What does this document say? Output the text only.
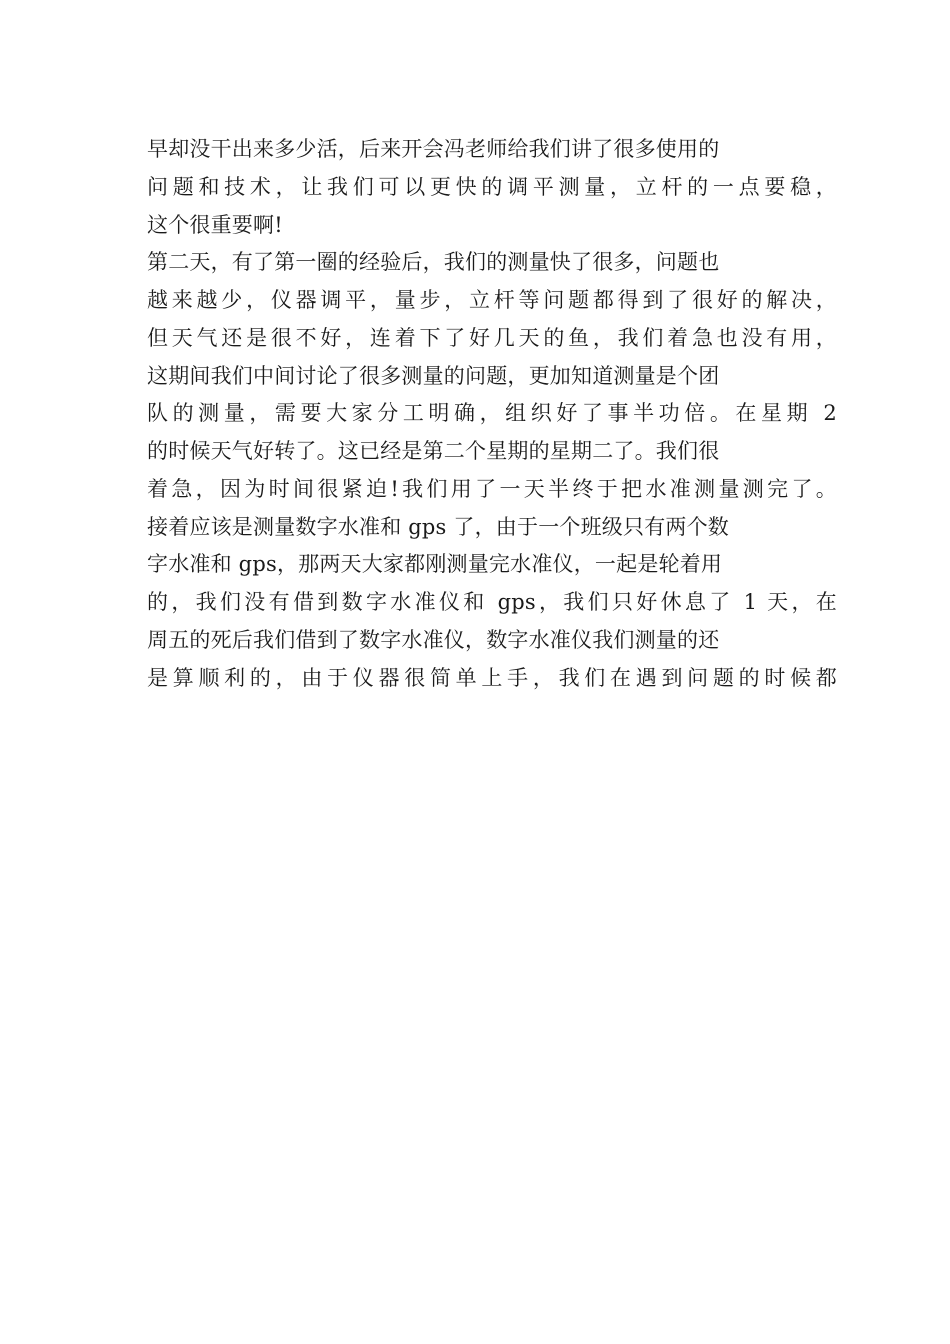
早却没干出来多少活，后来开会冯老师给我们讲了很多使用的
问题和技术，让我们可以更快的调平测量，立杆的一点要稳，
这个很重要啊!
第二天，有了第一圈的经验后，我们的测量快了很多，问题也
越来越少，仪器调平，量步，立杆等问题都得到了很好的解决，
但天气还是很不好，连着下了好几天的鱼，我们着急也没有用，
这期间我们中间讨论了很多测量的问题，更加知道测量是个团
队的测量，需要大家分工明确，组织好了事半功倍。在星期 2
的时候天气好转了。这已经是第二个星期的星期二了。我们很
着急，因为时间很紧迫!我们用了一天半终于把水准测量测完了。
接着应该是测量数字水准和 gps 了，由于一个班级只有两个数
字水准和 gps，那两天大家都刚测量完水准仪，一起是轮着用
的，我们没有借到数字水准仪和 gps，我们只好休息了 1 天，在
周五的死后我们借到了数字水准仪，数字水准仪我们测量的还
是算顺利的，由于仪器很简单上手，我们在遇到问题的时候都
